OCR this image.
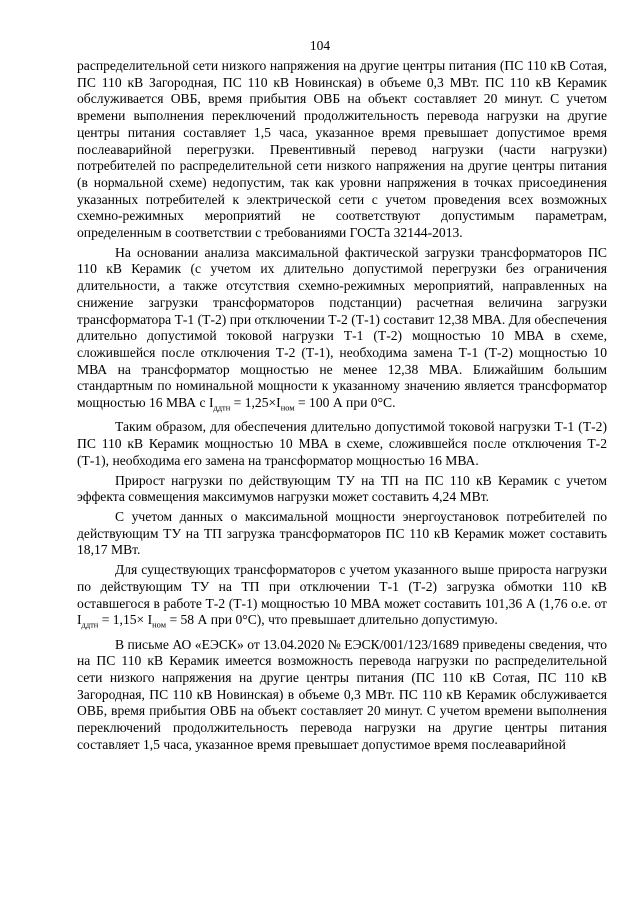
104

распределительной сети низкого напряжения на другие центры питания (ПС 110 кВ Сотая, ПС 110 кВ Загородная, ПС 110 кВ Новинская) в объеме 0,3 МВт. ПС 110 кВ Керамик обслуживается ОВБ, время прибытия ОВБ на объект составляет 20 минут. С учетом времени выполнения переключений продолжительность перевода нагрузки на другие центры питания составляет 1,5 часа, указанное время превышает допустимое время послеаварийной перегрузки. Превентивный перевод нагрузки (части нагрузки) потребителей по распределительной сети низкого напряжения на другие центры питания (в нормальной схеме) недопустим, так как уровни напряжения в точках присоединения указанных потребителей к электрической сети с учетом проведения всех возможных схемно-режимных мероприятий не соответствуют допустимым параметрам, определенным в соответствии с требованиями ГОСТа 32144-2013.

На основании анализа максимальной фактической загрузки трансформаторов ПС 110 кВ Керамик (с учетом их длительно допустимой перегрузки без ограничения длительности, а также отсутствия схемно-режимных мероприятий, направленных на снижение загрузки трансформаторов подстанции) расчетная величина загрузки трансформатора Т-1 (Т-2) при отключении Т-2 (Т-1) составит 12,38 МВА. Для обеспечения длительно допустимой токовой нагрузки Т-1 (Т-2) мощностью 10 МВА в схеме, сложившейся после отключения Т-2 (Т-1), необходима замена Т-1 (Т-2) мощностью 10 МВА на трансформатор мощностью не менее 12,38 МВА. Ближайшим большим стандартным по номинальной мощности к указанному значению является трансформатор мощностью 16 МВА с $I_{ддтн} = 1,25\times I_{ном} = 100$ А при 0°С.

Таким образом, для обеспечения длительно допустимой токовой нагрузки Т-1 (Т-2) ПС 110 кВ Керамик мощностью 10 МВА в схеме, сложившейся после отключения Т-2 (Т-1), необходима его замена на трансформатор мощностью 16 МВА.

Прирост нагрузки по действующим ТУ на ТП на ПС 110 кВ Керамик с учетом эффекта совмещения максимумов нагрузки может составить 4,24 МВт.

С учетом данных о максимальной мощности энергоустановок потребителей по действующим ТУ на ТП загрузка трансформаторов ПС 110 кВ Керамик может составить 18,17 МВт.

Для существующих трансформаторов с учетом указанного выше прироста нагрузки по действующим ТУ на ТП при отключении Т-1 (Т-2) загрузка обмотки 110 кВ оставшегося в работе Т-2 (Т-1) мощностью 10 МВА может составить 101,36 А (1,76 о.е. от $I_{ддтн} = 1,15\times I_{ном} = 58$ А при 0°С), что превышает длительно допустимую.

В письме АО «ЕЭСК» от 13.04.2020 № ЕЭСК/001/123/1689 приведены сведения, что на ПС 110 кВ Керамик имеется возможность перевода нагрузки по распределительной сети низкого напряжения на другие центры питания (ПС 110 кВ Сотая, ПС 110 кВ Загородная, ПС 110 кВ Новинская) в объеме 0,3 МВт. ПС 110 кВ Керамик обслуживается ОВБ, время прибытия ОВБ на объект составляет 20 минут. С учетом времени выполнения переключений продолжительность перевода нагрузки на другие центры питания составляет 1,5 часа, указанное время превышает допустимое время послеаварийной
